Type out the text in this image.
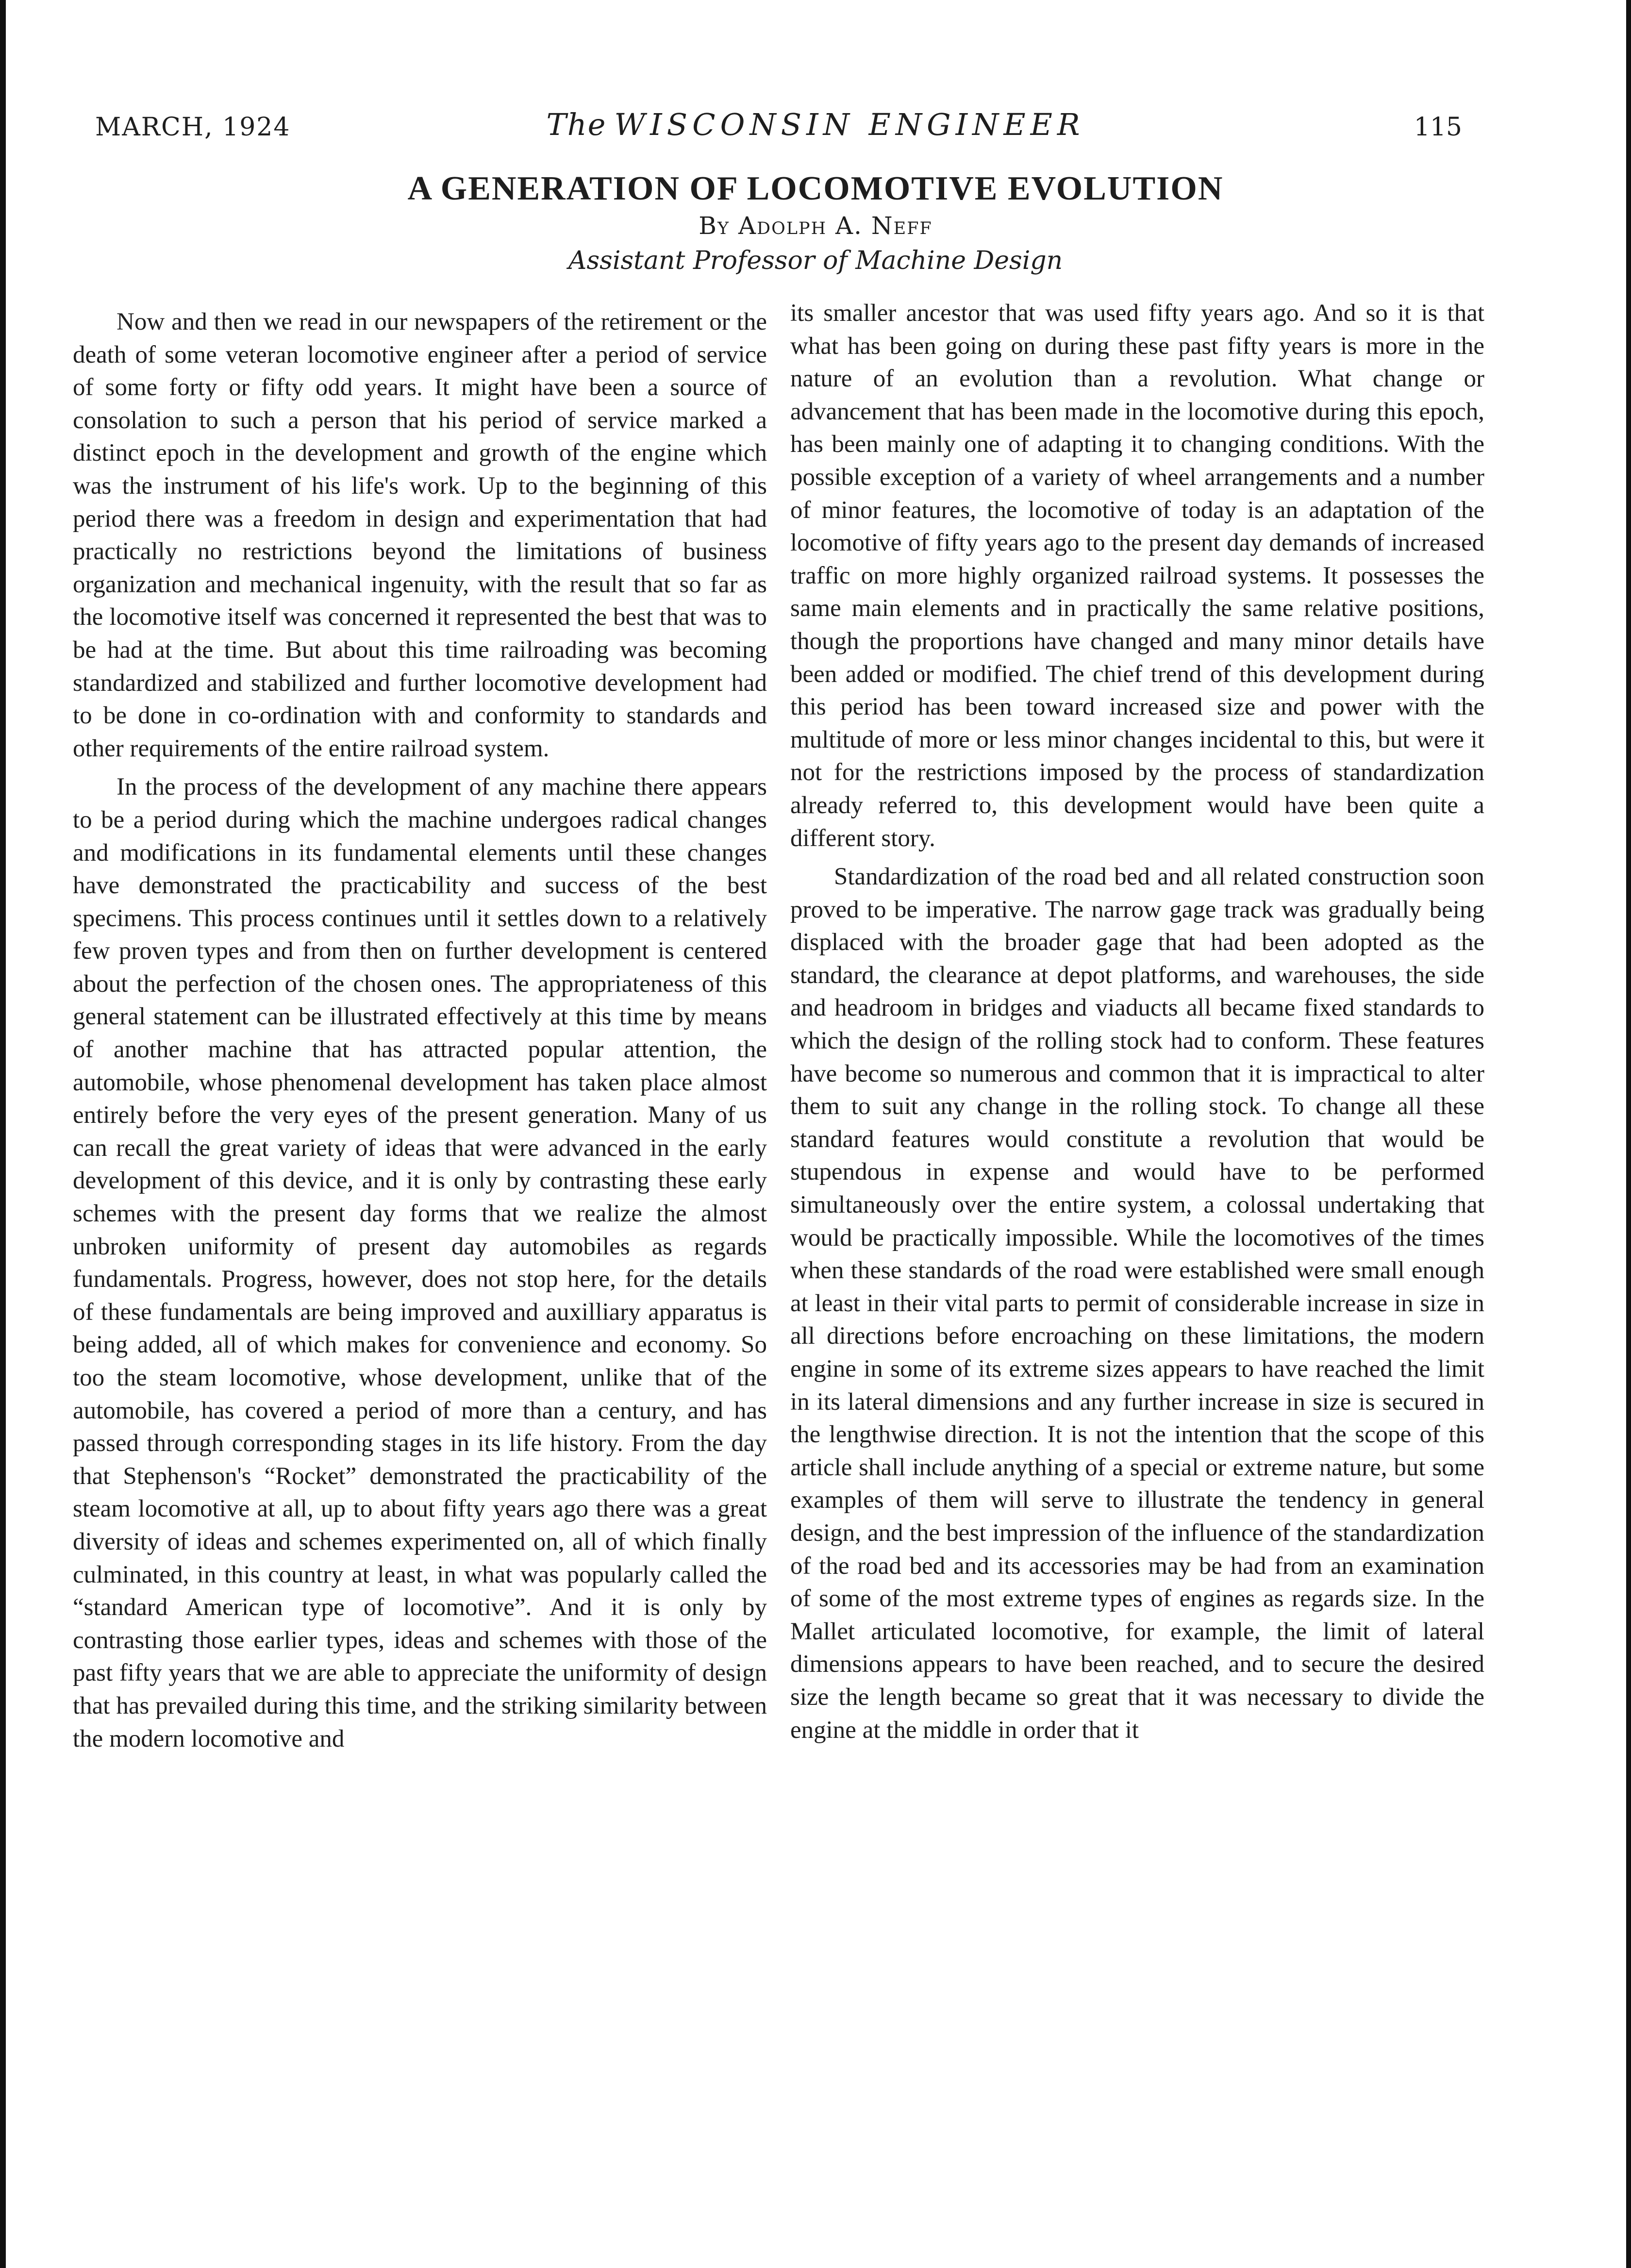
MARCH, 1924	The WISCONSIN ENGINEER	115
A GENERATION OF LOCOMOTIVE EVOLUTION
By Adolph A. Neff
Assistant Professor of Machine Design

Now and then we read in our newspapers of the retirement or the death of some veteran locomotive engineer after a period of service of some forty or fifty odd years. It might have been a source of consolation to such a person that his period of service marked a distinct epoch in the development and growth of the engine which was the instrument of his life's work. Up to the beginning of this period there was a freedom in design and experimentation that had practically no restrictions beyond the limitations of business organization and mechanical ingenuity, with the result that so far as the locomotive itself was concerned it represented the best that was to be had at the time. But about this time railroading was becoming standardized and stabilized and further locomotive development had to be done in co-ordination with and conformity to standards and other requirements of the entire railroad system.

In the process of the development of any machine there appears to be a period during which the machine undergoes radical changes and modifications in its fundamental elements until these changes have demonstrated the practicability and success of the best specimens. This process continues until it settles down to a relatively few proven types and from then on further development is centered about the perfection of the chosen ones. The appropriateness of this general statement can be illustrated effectively at this time by means of another machine that has attracted popular attention, the automobile, whose phenomenal development has taken place almost entirely before the very eyes of the present generation. Many of us can recall the great variety of ideas that were advanced in the early development of this device, and it is only by contrasting these early schemes with the present day forms that we realize the almost unbroken uniformity of present day automobiles as regards fundamentals. Progress, however, does not stop here, for the details of these fundamentals are being improved and auxilliary apparatus is being added, all of which makes for convenience and economy. So too the steam locomotive, whose development, unlike that of the automobile, has covered a period of more than a century, and has passed through corresponding stages in its life history. From the day that Stephenson's “Rocket” demonstrated the practicability of the steam locomotive at all, up to about fifty years ago there was a great diversity of ideas and schemes experimented on, all of which finally culminated, in this country at least, in what was popularly called the “standard American type of locomotive”. And it is only by contrasting those earlier types, ideas and schemes with those of the past fifty years that we are able to appreciate the uniformity of design that has prevailed during this time, and the striking similarity between the modern locomotive and

its smaller ancestor that was used fifty years ago. And so it is that what has been going on during these past fifty years is more in the nature of an evolution than a revolution. What change or advancement that has been made in the locomotive during this epoch, has been mainly one of adapting it to changing conditions. With the possible exception of a variety of wheel arrangements and a number of minor features, the locomotive of today is an adaptation of the locomotive of fifty years ago to the present day demands of increased traffic on more highly organized railroad systems. It possesses the same main elements and in practically the same relative positions, though the proportions have changed and many minor details have been added or modified. The chief trend of this development during this period has been toward increased size and power with the multitude of more or less minor changes incidental to this, but were it not for the restrictions imposed by the process of standardization already referred to, this development would have been quite a different story.

Standardization of the road bed and all related construction soon proved to be imperative. The narrow gage track was gradually being displaced with the broader gage that had been adopted as the standard, the clearance at depot platforms, and warehouses, the side and headroom in bridges and viaducts all became fixed standards to which the design of the rolling stock had to conform. These features have become so numerous and common that it is impractical to alter them to suit any change in the rolling stock. To change all these standard features would constitute a revolution that would be stupendous in expense and would have to be performed simultaneously over the entire system, a colossal undertaking that would be practically impossible. While the locomotives of the times when these standards of the road were established were small enough at least in their vital parts to permit of considerable increase in size in all directions before encroaching on these limitations, the modern engine in some of its extreme sizes appears to have reached the limit in its lateral dimensions and any further increase in size is secured in the lengthwise direction. It is not the intention that the scope of this article shall include anything of a special or extreme nature, but some examples of them will serve to illustrate the tendency in general design, and the best impression of the influence of the standardization of the road bed and its accessories may be had from an examination of some of the most extreme types of engines as regards size. In the Mallet articulated locomotive, for example, the limit of lateral dimensions appears to have been reached, and to secure the desired size the length became so great that it was necessary to divide the engine at the middle in order that it
